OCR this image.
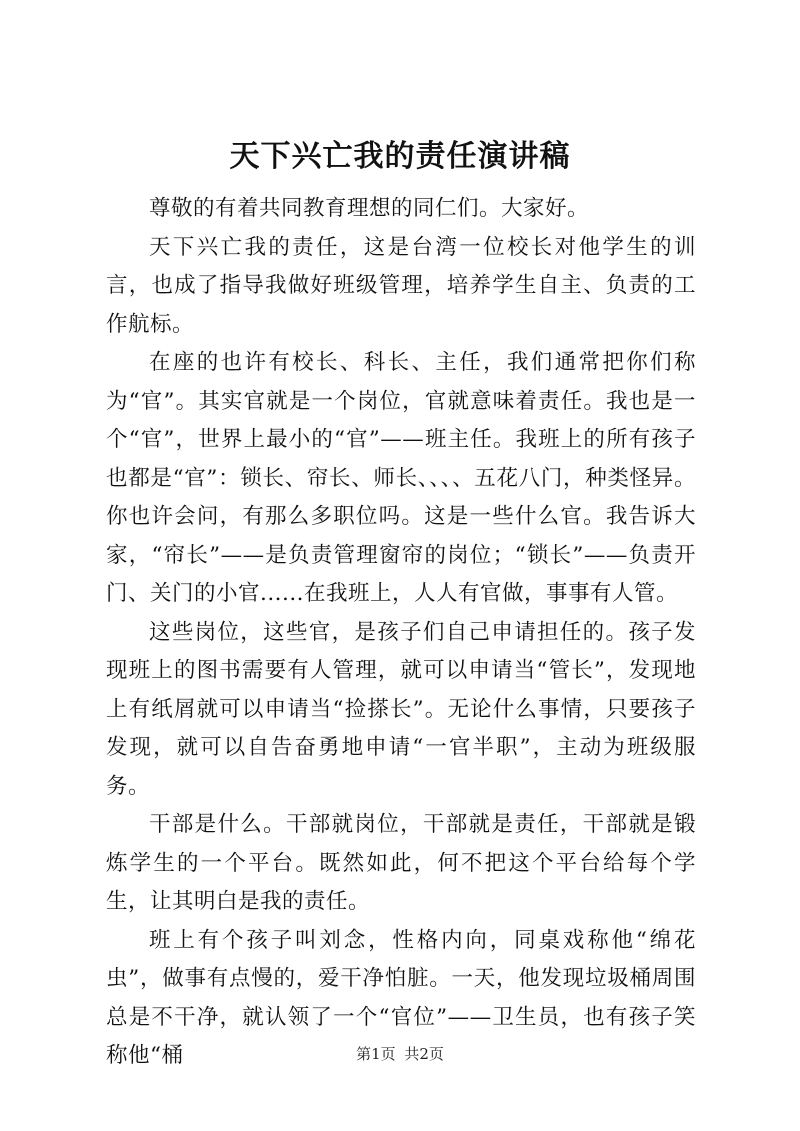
天下兴亡我的责任演讲稿

尊敬的有着共同教育理想的同仁们。大家好。

天下兴亡我的责任，这是台湾一位校长对他学生的训言，也成了指导我做好班级管理，培养学生自主、负责的工作航标。

在座的也许有校长、科长、主任，我们通常把你们称为“官”。其实官就是一个岗位，官就意味着责任。我也是一个“官”，世界上最小的“官”——班主任。我班上的所有孩子也都是“官”：锁长、帘长、师长、、、、五花八门，种类怪异。你也许会问，有那么多职位吗。这是一些什么官。我告诉大家，“帘长”——是负责管理窗帘的岗位；“锁长”——负责开门、关门的小官......在我班上，人人有官做，事事有人管。

这些岗位，这些官，是孩子们自己申请担任的。孩子发现班上的图书需要有人管理，就可以申请当“管长”，发现地上有纸屑就可以申请当“捡搽长”。无论什么事情，只要孩子发现，就可以自告奋勇地申请“一官半职”，主动为班级服务。

干部是什么。干部就岗位，干部就是责任，干部就是锻炼学生的一个平台。既然如此，何不把这个平台给每个学生，让其明白是我的责任。

班上有个孩子叫刘念，性格内向，同桌戏称他“绵花虫”，做事有点慢的，爱干净怕脏。一天，他发现垃圾桶周围总是不干净，就认领了一个“官位”——卫生员，也有孩子笑称他“桶	第1页 共2页
